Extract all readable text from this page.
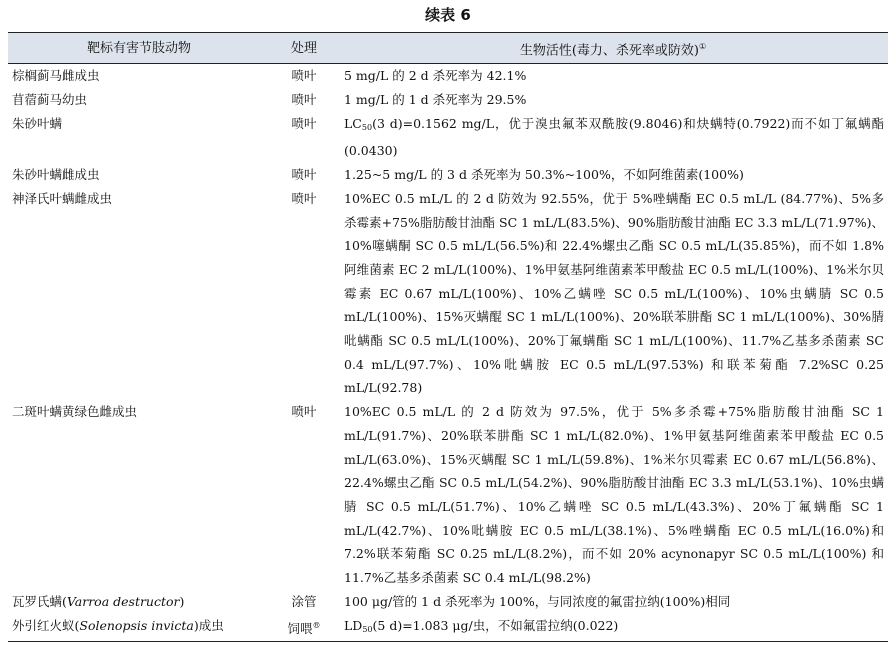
续表 6
靶标有害节肢动物	处理	生物活性(毒力、杀死率或防效)①
棕榈蓟马雌成虫	喷叶	5 mg/L 的 2 d 杀死率为 42.1%
苜蓿蓟马幼虫	喷叶	1 mg/L 的 1 d 杀死率为 29.5%
朱砂叶螨	喷叶	$LC_{50}(3$ d)=0.1562 mg/L，优于溴虫氟苯双酰胺(9.8046)和炔螨特(0.7922)而不如丁氟螨酯(0.0430)
朱砂叶螨雌成虫	喷叶	1.25~5 mg/L 的 3 d 杀死率为 50.3%~100%，不如阿维菌素(100%)
神泽氏叶螨雌成虫	喷叶	10%EC 0.5 mL/L 的 2 d 防效为 92.55%，优于 5%唑螨酯 EC 0.5 mL/L (84.77%)、5%多杀霉素+75%脂肪酸甘油酯 SC 1 mL/L(83.5%)、90%脂肪酸甘油酯 EC 3.3 mL/L(71.97%)、10%噻螨酮 SC 0.5 mL/L(56.5%)和 22.4%螺虫乙酯 SC 0.5 mL/L(35.85%)，而不如 1.8%阿维菌素 EC 2 mL/L(100%)、1%甲氨基阿维菌素苯甲酸盐 EC 0.5 mL/L(100%)、1%米尔贝霉素 EC 0.67 mL/L(100%)、10%乙螨唑 SC 0.5 mL/L(100%)、10%虫螨腈 SC 0.5 mL/L(100%)、15%灭螨醌 SC 1 mL/L(100%)、20%联苯肼酯 SC 1 mL/L(100%)、30%腈吡螨酯 SC 0.5 mL/L(100%)、20%丁氟螨酯 SC 1 mL/L(100%)、11.7%乙基多杀菌素 SC 0.4 mL/L(97.7%)、10%吡螨胺 EC 0.5 mL/L(97.53%) 和联苯菊酯 7.2%SC 0.25 mL/L(92.78)
二斑叶螨黄绿色雌成虫	喷叶	10%EC 0.5 mL/L 的 2 d 防效为 97.5%，优于 5%多杀霉+75%脂肪酸甘油酯 SC 1 mL/L(91.7%)、20%联苯肼酯 SC 1 mL/L(82.0%)、1%甲氨基阿维菌素苯甲酸盐 EC 0.5 mL/L(63.0%)、15%灭螨醌 SC 1 mL/L(59.8%)、1%米尔贝霉素 EC 0.67 mL/L(56.8%)、22.4%螺虫乙酯 SC 0.5 mL/L(54.2%)、90%脂肪酸甘油酯 EC 3.3 mL/L(53.1%)、10%虫螨腈 SC 0.5 mL/L(51.7%)、10%乙螨唑 SC 0.5 mL/L(43.3%)、20%丁氟螨酯 SC 1 mL/L(42.7%)、10%吡螨胺 EC 0.5 mL/L(38.1%)、5%唑螨酯 EC 0.5 mL/L(16.0%)和 7.2%联苯菊酯 SC 0.25 mL/L(8.2%)，而不如 20% acynonapyr SC 0.5 mL/L(100%) 和 11.7%乙基多杀菌素 SC 0.4 mL/L(98.2%)
瓦罗氏螨(Varroa destructor)	涂管	100 μg/管的 1 d 杀死率为 100%，与同浓度的氟雷拉纳(100%)相同
外引红火蚁(Solenopsis invicta)成虫	饲喂®	$LD_{50}(5$ d)=1.083 μg/虫，不如氟雷拉纳(0.022)
